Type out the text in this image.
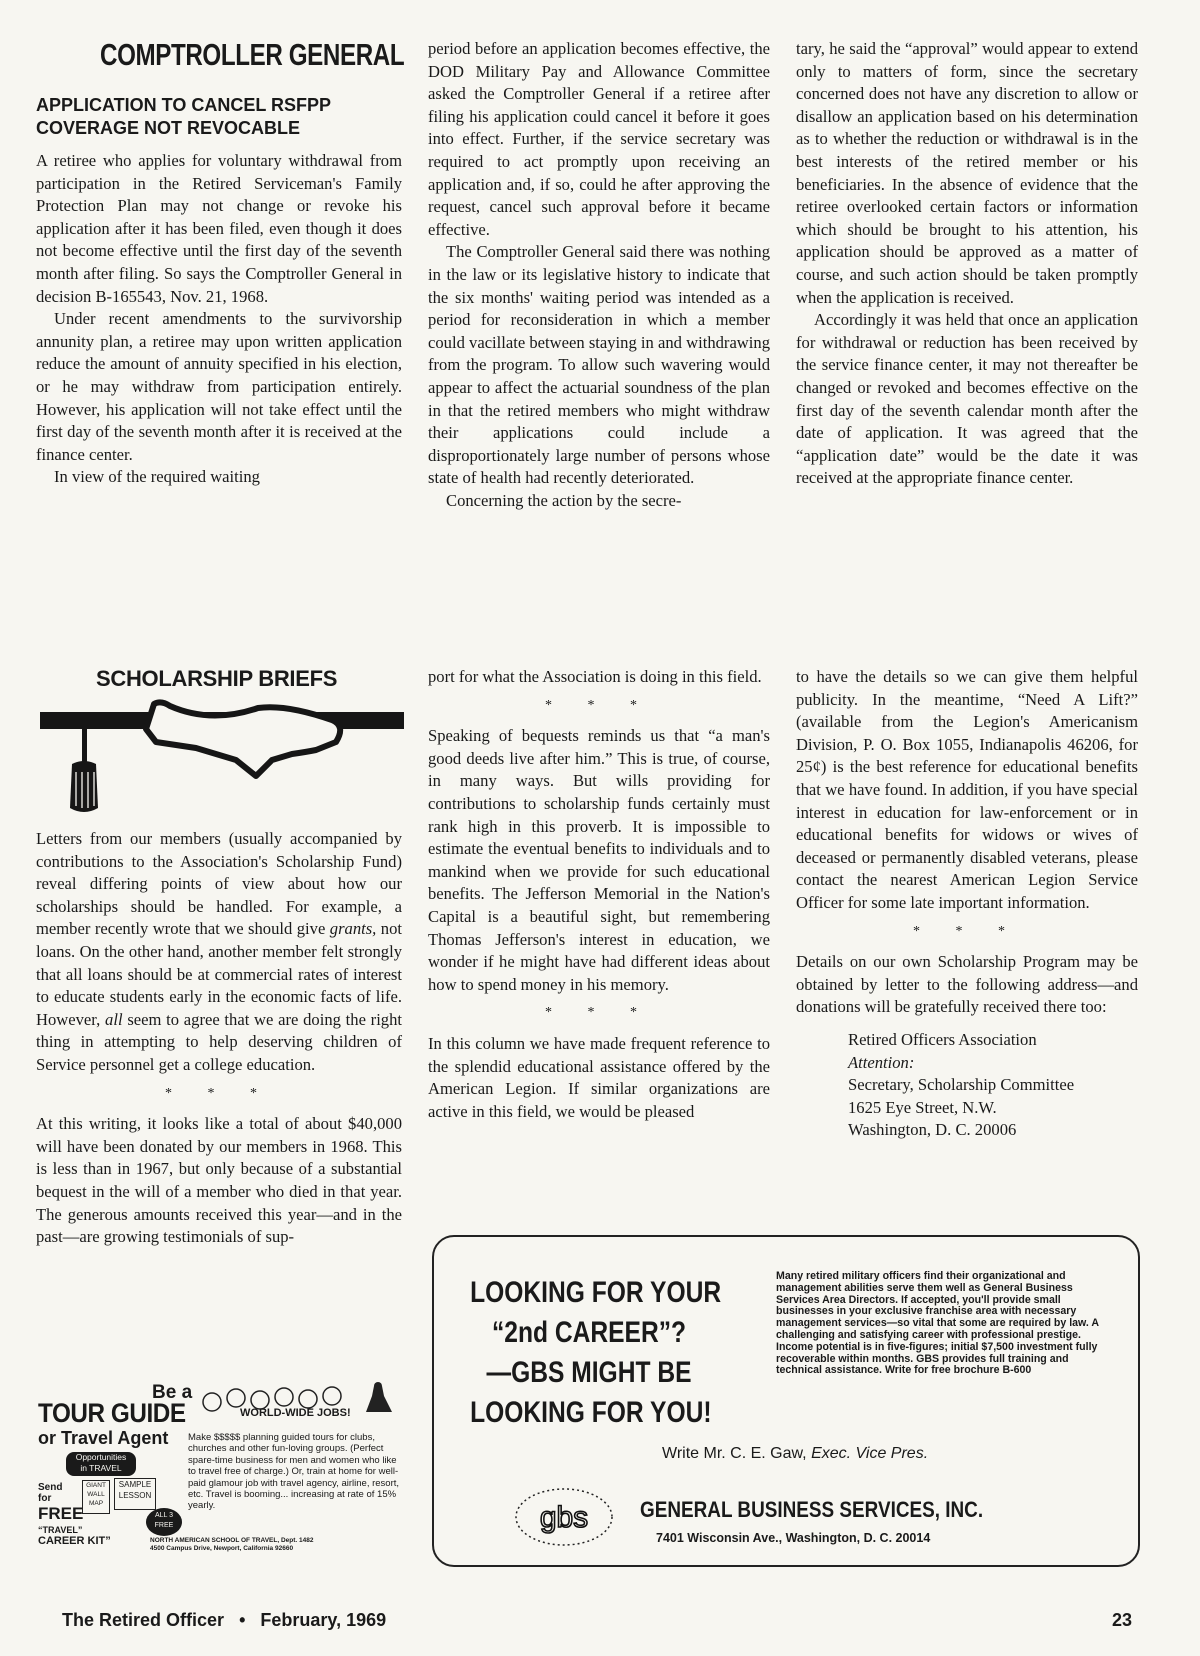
COMPTROLLER GENERAL
APPLICATION TO CANCEL RSFPP
COVERAGE NOT REVOCABLE

A retiree who applies for voluntary withdrawal from participation in the Retired Serviceman's Family Protection Plan may not change or revoke his application after it has been filed, even though it does not become effective until the first day of the seventh month after filing. So says the Comptroller General in decision B-165543, Nov. 21, 1968.

Under recent amendments to the survivorship annunity plan, a retiree may upon written application reduce the amount of annuity specified in his election, or he may withdraw from participation entirely. However, his application will not take effect until the first day of the seventh month after it is received at the finance center.

In view of the required waiting

period before an application becomes effective, the DOD Military Pay and Allowance Committee asked the Comptroller General if a retiree after filing his application could cancel it before it goes into effect. Further, if the service secretary was required to act promptly upon receiving an application and, if so, could he after approving the request, cancel such approval before it became effective.

The Comptroller General said there was nothing in the law or its legislative history to indicate that the six months' waiting period was intended as a period for reconsideration in which a member could vacillate between staying in and withdrawing from the program. To allow such wavering would appear to affect the actuarial soundness of the plan in that the retired members who might withdraw their applications could include a disproportionately large number of persons whose state of health had recently deteriorated.

Concerning the action by the secre-

tary, he said the “approval” would appear to extend only to matters of form, since the secretary concerned does not have any discretion to allow or disallow an application based on his determination as to whether the reduction or withdrawal is in the best interests of the retired member or his beneficiaries. In the absence of evidence that the retiree overlooked certain factors or information which should be brought to his attention, his application should be approved as a matter of course, and such action should be taken promptly when the application is received.

Accordingly it was held that once an application for withdrawal or reduction has been received by the service finance center, it may not thereafter be changed or revoked and becomes effective on the first day of the seventh calendar month after the date of application. It was agreed that the “application date” would be the date it was received at the appropriate finance center.

SCHOLARSHIP BRIEFS

Letters from our members (usually accompanied by contributions to the Association's Scholarship Fund) reveal differing points of view about how our scholarships should be handled. For example, a member recently wrote that we should give grants, not loans. On the other hand, another member felt strongly that all loans should be at commercial rates of interest to educate students early in the economic facts of life. However, all seem to agree that we are doing the right thing in attempting to help deserving children of Service personnel get a college education.

* * *

At this writing, it looks like a total of about $40,000 will have been donated by our members in 1968. This is less than in 1967, but only because of a substantial bequest in the will of a member who died in that year. The generous amounts received this year—and in the past—are growing testimonials of sup-

port for what the Association is doing in this field.

* * *

Speaking of bequests reminds us that “a man's good deeds live after him.” This is true, of course, in many ways. But wills providing for contributions to scholarship funds certainly must rank high in this proverb. It is impossible to estimate the eventual benefits to individuals and to mankind when we provide for such educational benefits. The Jefferson Memorial in the Nation's Capital is a beautiful sight, but remembering Thomas Jefferson's interest in education, we wonder if he might have had different ideas about how to spend money in his memory.

* * *

In this column we have made frequent reference to the splendid educational assistance offered by the American Legion. If similar organizations are active in this field, we would be pleased

to have the details so we can give them helpful publicity. In the meantime, “Need A Lift?” (available from the Legion's Americanism Division, P. O. Box 1055, Indianapolis 46206, for 25¢) is the best reference for educational benefits that we have found. In addition, if you have special interest in education for law-enforcement or in educational benefits for widows or wives of deceased or permanently disabled veterans, please contact the nearest American Legion Service Officer for some late important information.

* * *

Details on our own Scholarship Program may be obtained by letter to the following address—and donations will be gratefully received there too:

Retired Officers Association
Attention:
Secretary, Scholarship Committee
1625 Eye Street, N.W.
Washington, D. C. 20006
Be a
TOUR GUIDE	WORLD-WIDE JOBS!
or Travel Agent Make $$$$$ planning guided tours for clubs, churches and other fun-loving groups. (Perfect spare-time business for men and women who like to travel free of charge.) Or, train at home for well-paid glamour job with travel agency, airline, resort, etc. Travel is booming... increasing at rate of 15% yearly.
Opportunities
in TRAVEL
Send
for
FREE
GIANT
WALL
MAP
SAMPLE
LESSON
ALL 3
FREE
“TRAVEL”
CAREER KIT”	NORTH AMERICAN SCHOOL OF TRAVEL, Dept. 1482
4500 Campus Drive, Newport, California 92660
LOOKING FOR YOUR
“2nd CAREER”?
—GBS MIGHT BE
LOOKING FOR YOU!
Many retired military officers find their organizational and management abilities serve them well as General Business Services Area Directors. If accepted, you'll provide small businesses in your exclusive franchise area with necessary management services—so vital that some are required by law. A challenging and satisfying career with professional prestige. Income potential is in five-figures; initial $7,500 investment fully recoverable within months. GBS provides full training and technical assistance. Write for free brochure B-600
Write Mr. C. E. Gaw, Exec. Vice Pres.
gbs GENERAL BUSINESS SERVICES, INC.
7401 Wisconsin Ave., Washington, D. C. 20014
The Retired Officer • February, 1969	23
